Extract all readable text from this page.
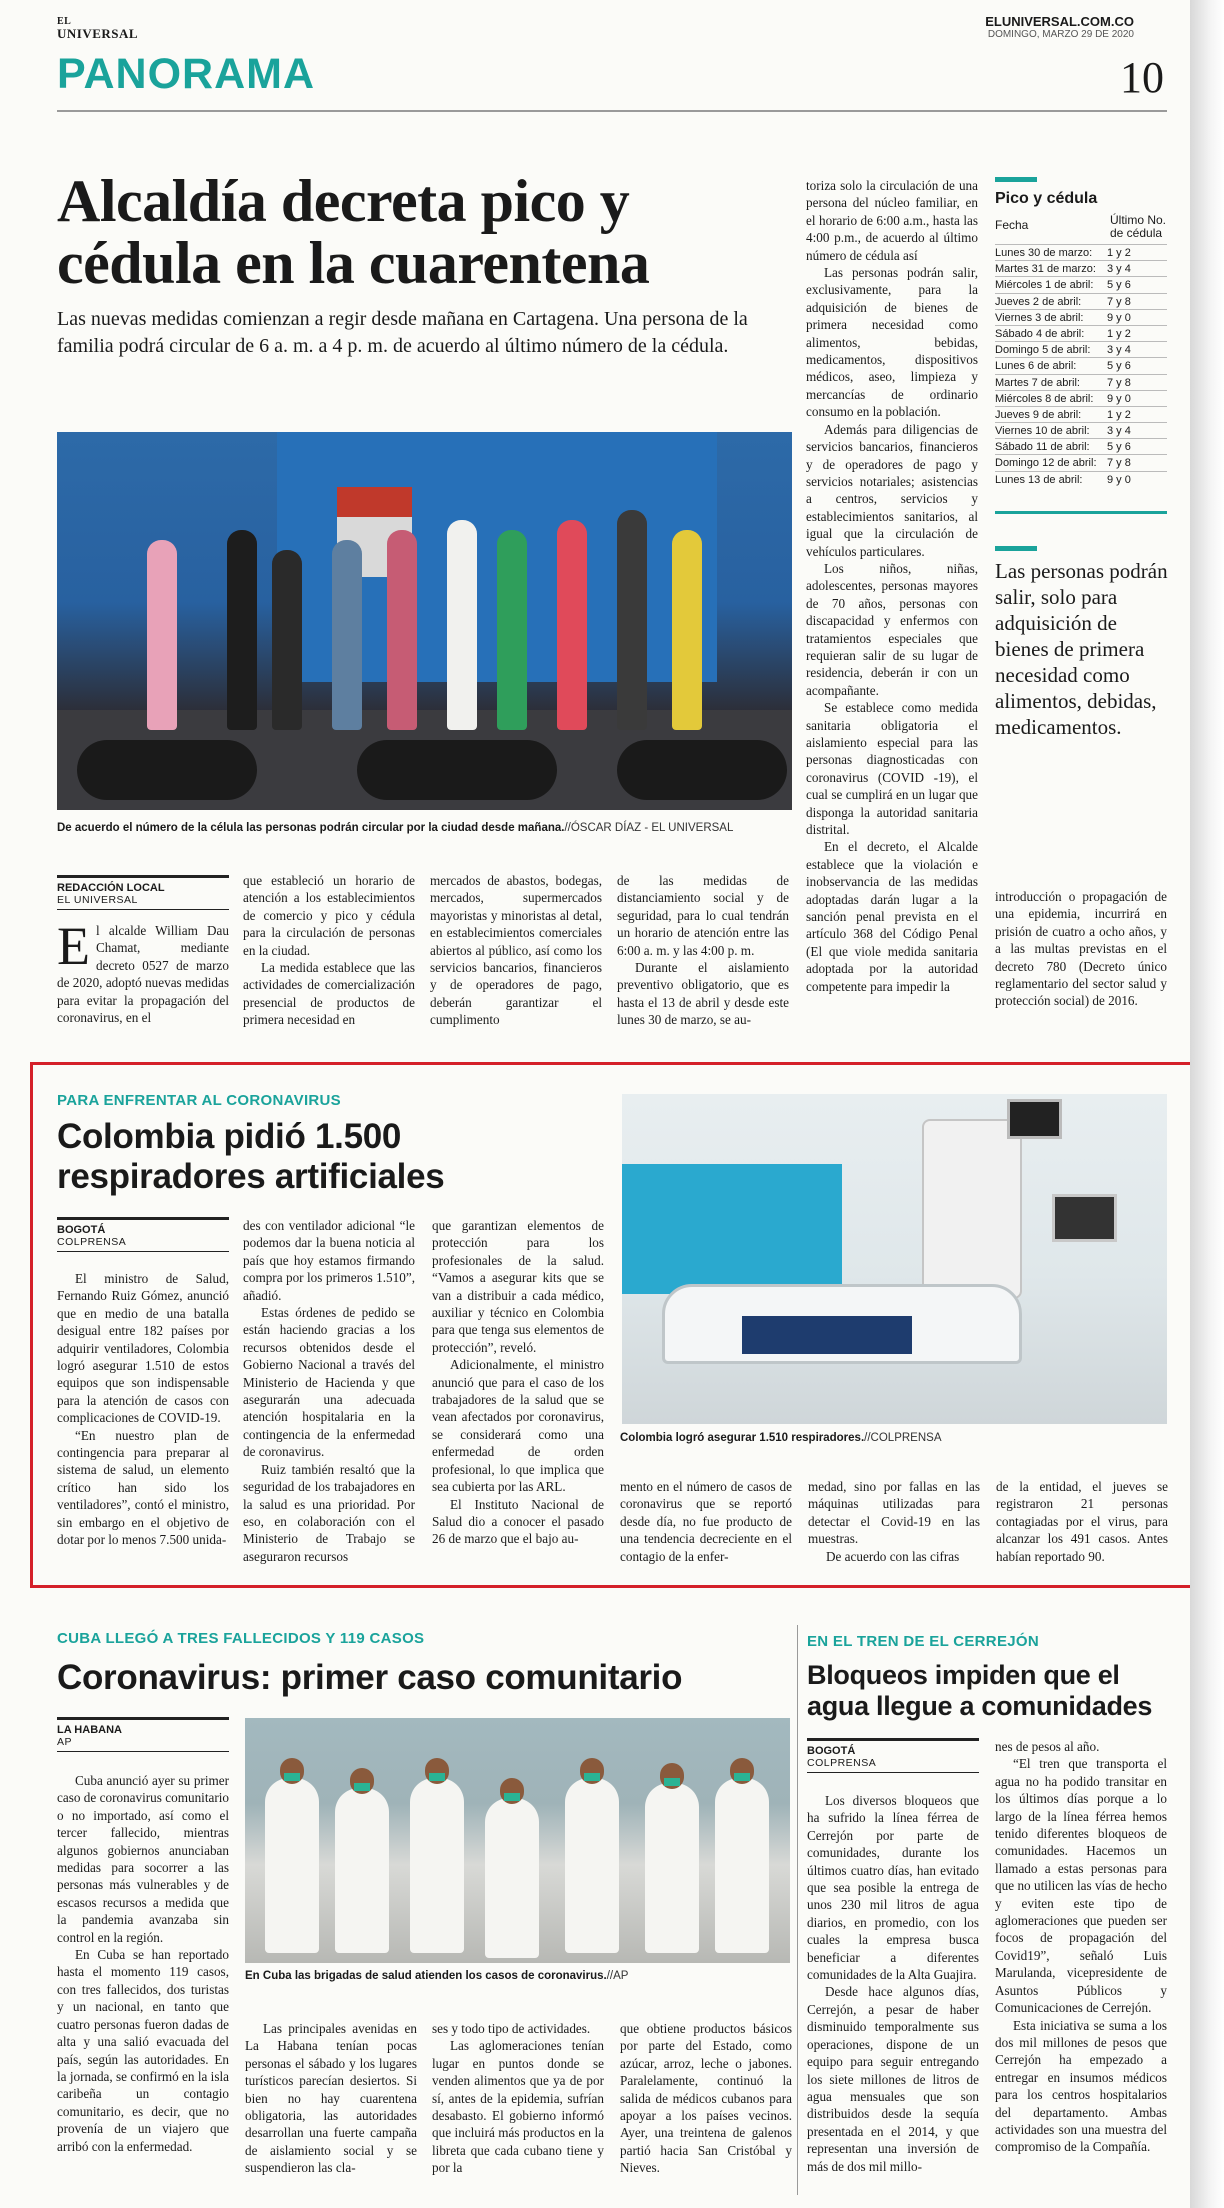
EL
UNIVERSAL
ELUNIVERSAL.COM.CO
DOMINGO, MARZO 29 DE 2020
PANORAMA	10
Alcaldía decreta pico y cédula en la cuarentena

Las nuevas medidas comienzan a regir desde mañana en Cartagena. Una persona de la familia podrá circular de 6 a. m. a 4 p. m. de acuerdo al último número de la cédula.

De acuerdo el número de la célula las personas podrán circular por la ciudad desde mañana.//ÓSCAR DÍAZ - EL UNIVERSAL
REDACCIÓN LOCAL
EL UNIVERSAL
E l alcalde William Dau Chamat, mediante decreto 0527 de marzo de 2020, adoptó nuevas medidas para evitar la propagación del coronavirus, en el

que estableció un horario de atención a los establecimientos de comercio y pico y cédula para la circulación de personas en la ciudad.

La medida establece que las actividades de comercialización presencial de productos de primera necesidad en

mercados de abastos, bodegas, mercados, supermercados mayoristas y minoristas al detal, en establecimientos comerciales abiertos al público, así como los servicios bancarios, financieros y de operadores de pago, deberán garantizar el cumplimento

de las medidas de distanciamiento social y de seguridad, para lo cual tendrán un horario de atención entre las 6:00 a. m. y las 4:00 p. m.

Durante el aislamiento preventivo obligatorio, que es hasta el 13 de abril y desde este lunes 30 de marzo, se au-

toriza solo la circulación de una persona del núcleo familiar, en el horario de 6:00 a.m., hasta las 4:00 p.m., de acuerdo al último número de cédula así

Las personas podrán salir, exclusivamente, para la adquisición de bienes de primera necesidad como alimentos, bebidas, medicamentos, dispositivos médicos, aseo, limpieza y mercancías de ordinario consumo en la población.

Además para diligencias de servicios bancarios, financieros y de operadores de pago y servicios notariales; asistencias a centros, servicios y establecimientos sanitarios, al igual que la circulación de vehículos particulares.

Los niños, niñas, adolescentes, personas mayores de 70 años, personas con discapacidad y enfermos con tratamientos especiales que requieran salir de su lugar de residencia, deberán ir con un acompañante.

Se establece como medida sanitaria obligatoria el aislamiento especial para las personas diagnosticadas con coronavirus (COVID -19), el cual se cumplirá en un lugar que disponga la autoridad sanitaria distrital.

En el decreto, el Alcalde establece que la violación e inobservancia de las medidas adoptadas darán lugar a la sanción penal prevista en el artículo 368 del Código Penal (El que viole medida sanitaria adoptada por la autoridad competente para impedir la

introducción o propagación de una epidemia, incurrirá en prisión de cuatro a ocho años, y a las multas previstas en el decreto 780 (Decreto único reglamentario del sector salud y protección social) de 2016.

Pico y cédula
Fecha	Último No. de cédula
Lunes 30 de marzo:	1 y 2
Martes 31 de marzo:	3 y 4
Miércoles 1 de abril:	5 y 6
Jueves 2 de abril:	7 y 8
Viernes 3 de abril:	9 y 0
Sábado 4 de abril:	1 y 2
Domingo 5 de abril:	3 y 4
Lunes 6 de abril:	5 y 6
Martes 7 de abril:	7 y 8
Miércoles 8 de abril:	9 y 0
Jueves 9 de abril:	1 y 2
Viernes 10 de abril:	3 y 4
Sábado 11 de abril:	5 y 6
Domingo 12 de abril: 7 y 8
Lunes 13 de abril:	9 y 0
Las personas podrán salir, solo para adquisición de bienes de primera necesidad como alimentos, debidas, medicamentos.
PARA ENFRENTAR AL CORONAVIRUS
Colombia pidió 1.500 respiradores artificiales
BOGOTÁ
COLPRENSA

El ministro de Salud, Fernando Ruiz Gómez, anunció que en medio de una batalla desigual entre 182 países por adquirir ventiladores, Colombia logró asegurar 1.510 de estos equipos que son indispensable para la atención de casos con complicaciones de COVID-19.

“En nuestro plan de contingencia para preparar al sistema de salud, un elemento crítico han sido los ventiladores”, contó el ministro, sin embargo en el objetivo de dotar por lo menos 7.500 unida-

des con ventilador adicional “le podemos dar la buena noticia al país que hoy estamos firmando compra por los primeros 1.510”, añadió.

Estas órdenes de pedido se están haciendo gracias a los recursos obtenidos desde el Gobierno Nacional a través del Ministerio de Hacienda y que asegurarán una adecuada atención hospitalaria en la contingencia de la enfermedad de coronavirus.

Ruiz también resaltó que la seguridad de los trabajadores en la salud es una prioridad. Por eso, en colaboración con el Ministerio de Trabajo se aseguraron recursos

que garantizan elementos de protección para los profesionales de la salud. “Vamos a asegurar kits que se van a distribuir a cada médico, auxiliar y técnico en Colombia para que tenga sus elementos de protección”, reveló.

Adicionalmente, el ministro anunció que para el caso de los trabajadores de la salud que se vean afectados por coronavirus, se considerará como una enfermedad de orden profesional, lo que implica que sea cubierta por las ARL.

El Instituto Nacional de Salud dio a conocer el pasado 26 de marzo que el bajo au-

Colombia logró asegurar 1.510 respiradores.//COLPRENSA

mento en el número de casos de coronavirus que se reportó desde día, no fue producto de una tendencia decreciente en el contagio de la enfer-

medad, sino por fallas en las máquinas utilizadas para detectar el Covid-19 en las muestras.

De acuerdo con las cifras

de la entidad, el jueves se registraron 21 personas contagiadas por el virus, para alcanzar los 491 casos. Antes habían reportado 90.

CUBA LLEGÓ A TRES FALLECIDOS Y 119 CASOS
Coronavirus: primer caso comunitario
LA HABANA
AP

Cuba anunció ayer su primer caso de coronavirus comunitario o no importado, así como el tercer fallecido, mientras algunos gobiernos anunciaban medidas para socorrer a las personas más vulnerables y de escasos recursos a medida que la pandemia avanzaba sin control en la región.

En Cuba se han reportado hasta el momento 119 casos, con tres fallecidos, dos turistas y un nacional, en tanto que cuatro personas fueron dadas de alta y una salió evacuada del país, según las autoridades. En la jornada, se confirmó en la isla caribeña un contagio comunitario, es decir, que no provenía de un viajero que arribó con la enfermedad.

En Cuba las brigadas de salud atienden los casos de coronavirus.//AP

Las principales avenidas en La Habana tenían pocas personas el sábado y los lugares turísticos parecían desiertos. Si bien no hay cuarentena obligatoria, las autoridades desarrollan una fuerte campaña de aislamiento social y se suspendieron las cla-

ses y todo tipo de actividades.

Las aglomeraciones tenían lugar en puntos donde se venden alimentos que ya de por sí, antes de la epidemia, sufrían desabasto. El gobierno informó que incluirá más productos en la libreta que cada cubano tiene y por la

que obtiene productos básicos por parte del Estado, como azúcar, arroz, leche o jabones. Paralelamente, continuó la salida de médicos cubanos para apoyar a los países vecinos. Ayer, una treintena de galenos partió hacia San Cristóbal y Nieves.

EN EL TREN DE EL CERREJÓN
Bloqueos impiden que el agua llegue a comunidades
BOGOTÁ
COLPRENSA

Los diversos bloqueos que ha sufrido la línea férrea de Cerrejón por parte de comunidades, durante los últimos cuatro días, han evitado que sea posible la entrega de unos 230 mil litros de agua diarios, en promedio, con los cuales la empresa busca beneficiar a diferentes comunidades de la Alta Guajira.

Desde hace algunos días, Cerrejón, a pesar de haber disminuido temporalmente sus operaciones, dispone de un equipo para seguir entregando los siete millones de litros de agua mensuales que son distribuidos desde la sequía presentada en el 2014, y que representan una inversión de más de dos mil millo-

nes de pesos al año.

“El tren que transporta el agua no ha podido transitar en los últimos días porque a lo largo de la línea férrea hemos tenido diferentes bloqueos de comunidades. Hacemos un llamado a estas personas para que no utilicen las vías de hecho y eviten este tipo de aglomeraciones que pueden ser focos de propagación del Covid19”, señaló Luis Marulanda, vicepresidente de Asuntos Públicos y Comunicaciones de Cerrejón.

Esta iniciativa se suma a los dos mil millones de pesos que Cerrejón ha empezado a entregar en insumos médicos para los centros hospitalarios del departamento. Ambas actividades son una muestra del compromiso de la Compañía.
